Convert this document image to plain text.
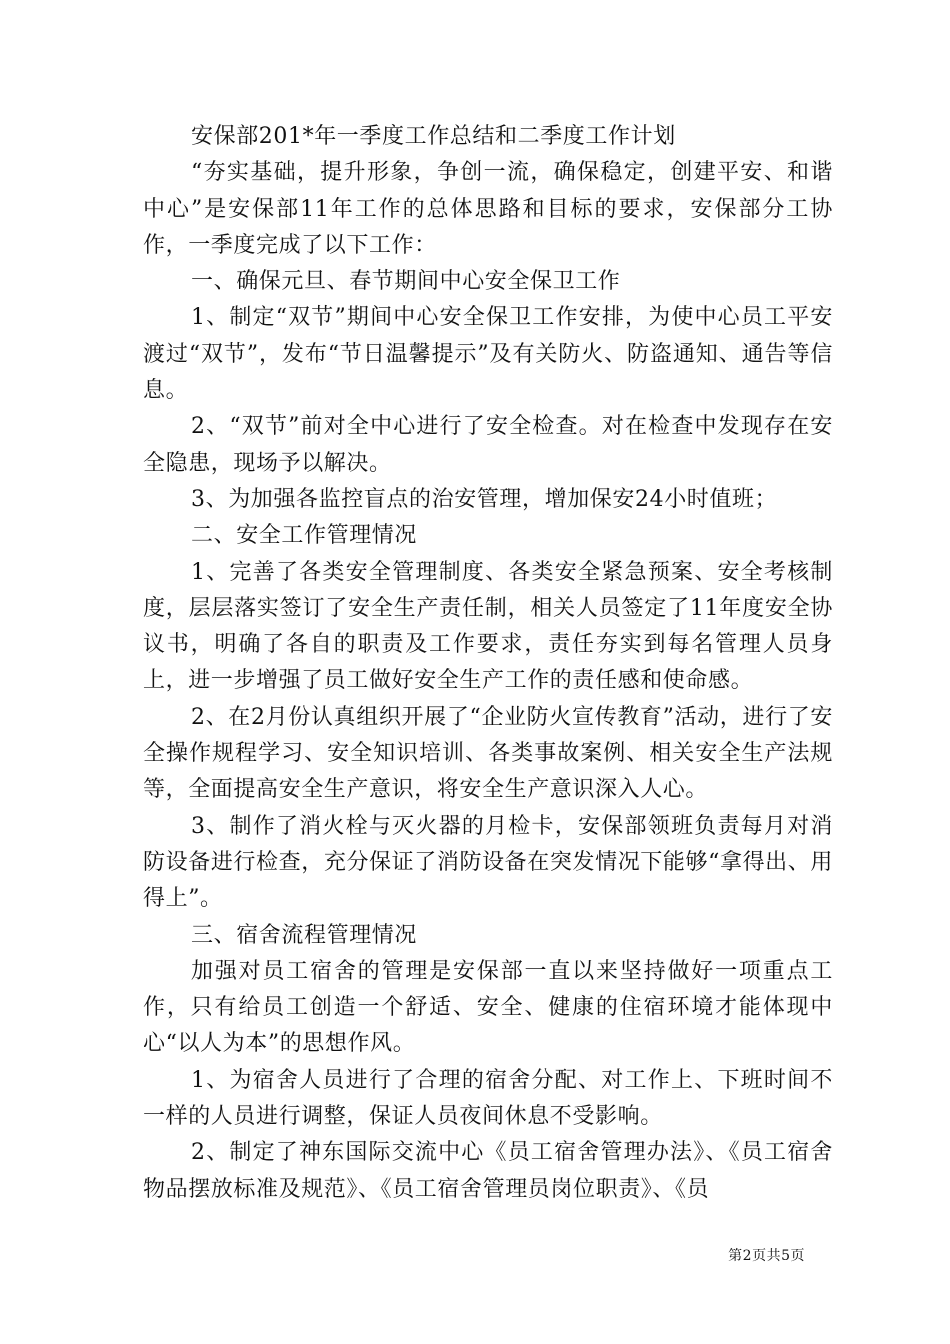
安保部201*年一季度工作总结和二季度工作计划

“夯实基础，提升形象，争创一流，确保稳定，创建平安、和谐中心”是安保部11年工作的总体思路和目标的要求，安保部分工协作，一季度完成了以下工作：

一、确保元旦、春节期间中心安全保卫工作

1、制定“双节”期间中心安全保卫工作安排，为使中心员工平安渡过“双节”，发布“节日温馨提示”及有关防火、防盗通知、通告等信息。

2、“双节”前对全中心进行了安全检查。对在检查中发现存在安全隐患，现场予以解决。

3、为加强各监控盲点的治安管理，增加保安24小时值班；

二、安全工作管理情况

1、完善了各类安全管理制度、各类安全紧急预案、安全考核制度，层层落实签订了安全生产责任制，相关人员签定了11年度安全协议书，明确了各自的职责及工作要求，责任夯实到每名管理人员身上，进一步增强了员工做好安全生产工作的责任感和使命感。

2、在2月份认真组织开展了“企业防火宣传教育”活动，进行了安全操作规程学习、安全知识培训、各类事故案例、相关安全生产法规等，全面提高安全生产意识，将安全生产意识深入人心。

3、制作了消火栓与灭火器的月检卡，安保部领班负责每月对消防设备进行检查，充分保证了消防设备在突发情况下能够“拿得出、用得上”。

三、宿舍流程管理情况

加强对员工宿舍的管理是安保部一直以来坚持做好一项重点工作，只有给员工创造一个舒适、安全、健康的住宿环境才能体现中心“以人为本”的思想作风。

1、为宿舍人员进行了合理的宿舍分配、对工作上、下班时间不一样的人员进行调整，保证人员夜间休息不受影响。

2、制定了神东国际交流中心《员工宿舍管理办法》、《员工宿舍物品摆放标准及规范》、《员工宿舍管理员岗位职责》、《员

第2页共5页
